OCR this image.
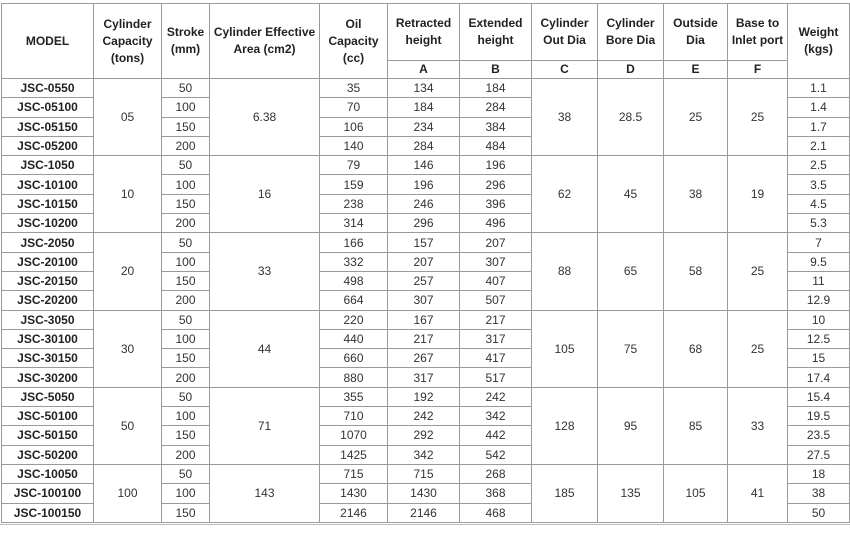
MODEL	Cylinder Capacity (tons)	Stroke (mm)	Cylinder Effective Area (cm2)	Oil Capacity (cc)	Retracted height	Extended height	Cylinder Out Dia	Cylinder Bore Dia	Outside Dia	Base to Inlet port	Weight (kgs)
					A	B	C	D	E	F	
JSC-0550	05	50	6.38	35	134	184	38	28.5	25	25	1.1
JSC-05100		100		70	184	284					1.4
JSC-05150		150		106	234	384					1.7
JSC-05200		200		140	284	484					2.1
JSC-1050	10	50	16	79	146	196	62	45	38	19	2.5
JSC-10100		100		159	196	296					3.5
JSC-10150		150		238	246	396					4.5
JSC-10200		200		314	296	496					5.3
JSC-2050	20	50	33	166	157	207	88	65	58	25	7
JSC-20100		100		332	207	307					9.5
JSC-20150		150		498	257	407					11
JSC-20200		200		664	307	507					12.9
JSC-3050	30	50	44	220	167	217	105	75	68	25	10
JSC-30100		100		440	217	317					12.5
JSC-30150		150		660	267	417					15
JSC-30200		200		880	317	517					17.4
JSC-5050	50	50	71	355	192	242	128	95	85	33	15.4
JSC-50100		100		710	242	342					19.5
JSC-50150		150		1070	292	442					23.5
JSC-50200		200		1425	342	542					27.5
JSC-10050	100	50	143	715	715	268	185	135	105	41	18
JSC-100100		100		1430	1430	368					38
JSC-100150		150		2146	2146	468					50
